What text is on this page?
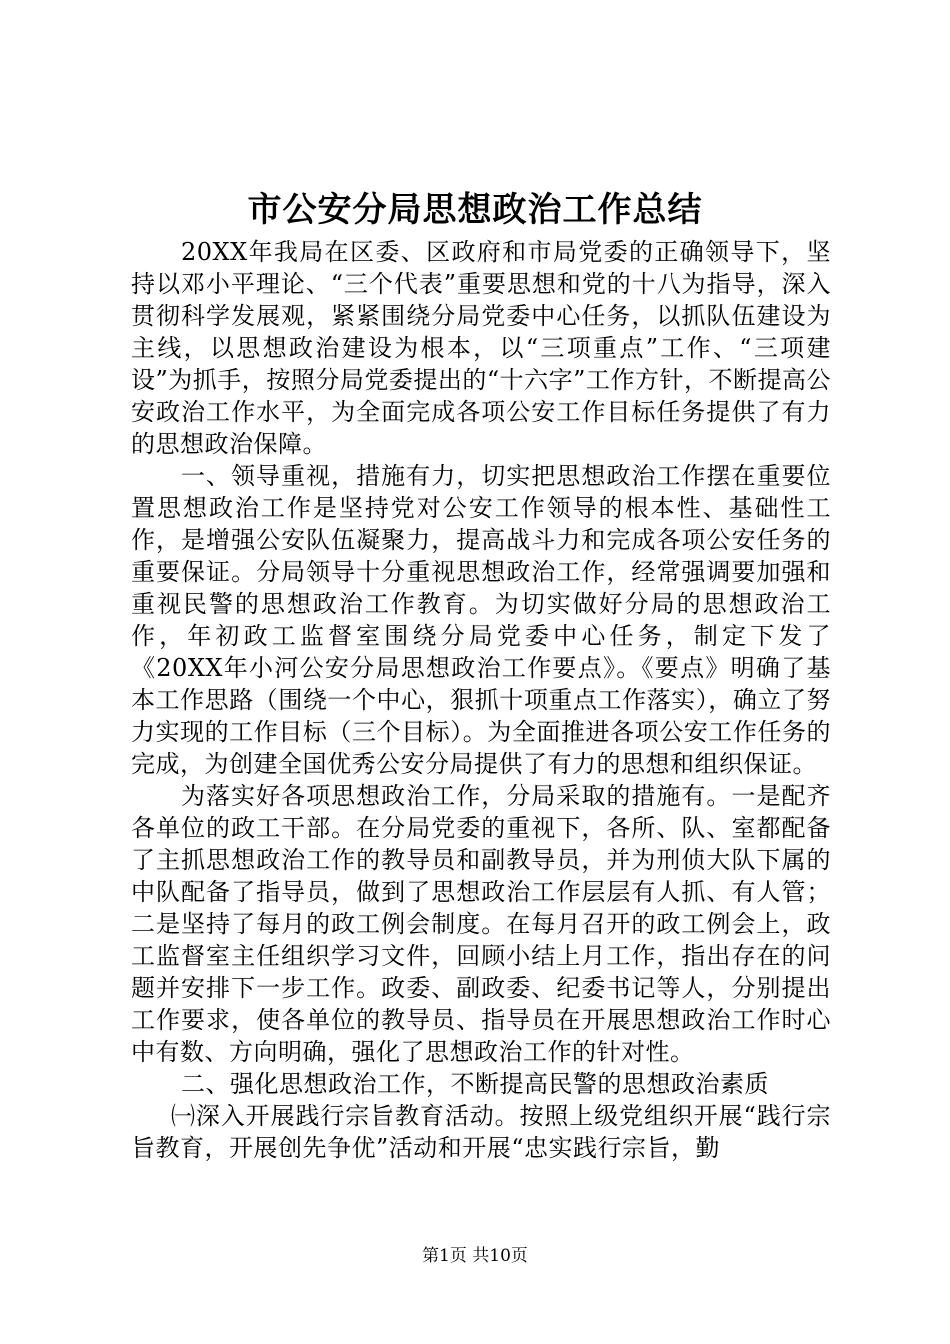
市公安分局思想政治工作总结

20XX年我局在区委、区政府和市局党委的正确领导下，坚持以邓小平理论、“三个代表”重要思想和党的十八为指导，深入贯彻科学发展观，紧紧围绕分局党委中心任务，以抓队伍建设为主线，以思想政治建设为根本，以“三项重点”工作、“三项建设”为抓手，按照分局党委提出的“十六字”工作方针，不断提高公安政治工作水平，为全面完成各项公安工作目标任务提供了有力的思想政治保障。

一、领导重视，措施有力，切实把思想政治工作摆在重要位置思想政治工作是坚持党对公安工作领导的根本性、基础性工作，是增强公安队伍凝聚力，提高战斗力和完成各项公安任务的重要保证。分局领导十分重视思想政治工作，经常强调要加强和重视民警的思想政治工作教育。为切实做好分局的思想政治工作，年初政工监督室围绕分局党委中心任务，制定下发了《20XX年小河公安分局思想政治工作要点》。《要点》明确了基本工作思路（围绕一个中心，狠抓十项重点工作落实），确立了努力实现的工作目标（三个目标）。为全面推进各项公安工作任务的完成，为创建全国优秀公安分局提供了有力的思想和组织保证。

为落实好各项思想政治工作，分局采取的措施有。一是配齐各单位的政工干部。在分局党委的重视下，各所、队、室都配备了主抓思想政治工作的教导员和副教导员，并为刑侦大队下属的中队配备了指导员，做到了思想政治工作层层有人抓、有人管；二是坚持了每月的政工例会制度。在每月召开的政工例会上，政工监督室主任组织学习文件，回顾小结上月工作，指出存在的问题并安排下一步工作。政委、副政委、纪委书记等人，分别提出工作要求，使各单位的教导员、指导员在开展思想政治工作时心中有数、方向明确，强化了思想政治工作的针对性。

二、强化思想政治工作，不断提高民警的思想政治素质

㈠深入开展践行宗旨教育活动。按照上级党组织开展“践行宗旨教育，开展创先争优”活动和开展“忠实践行宗旨，勤

第1页 共10页
